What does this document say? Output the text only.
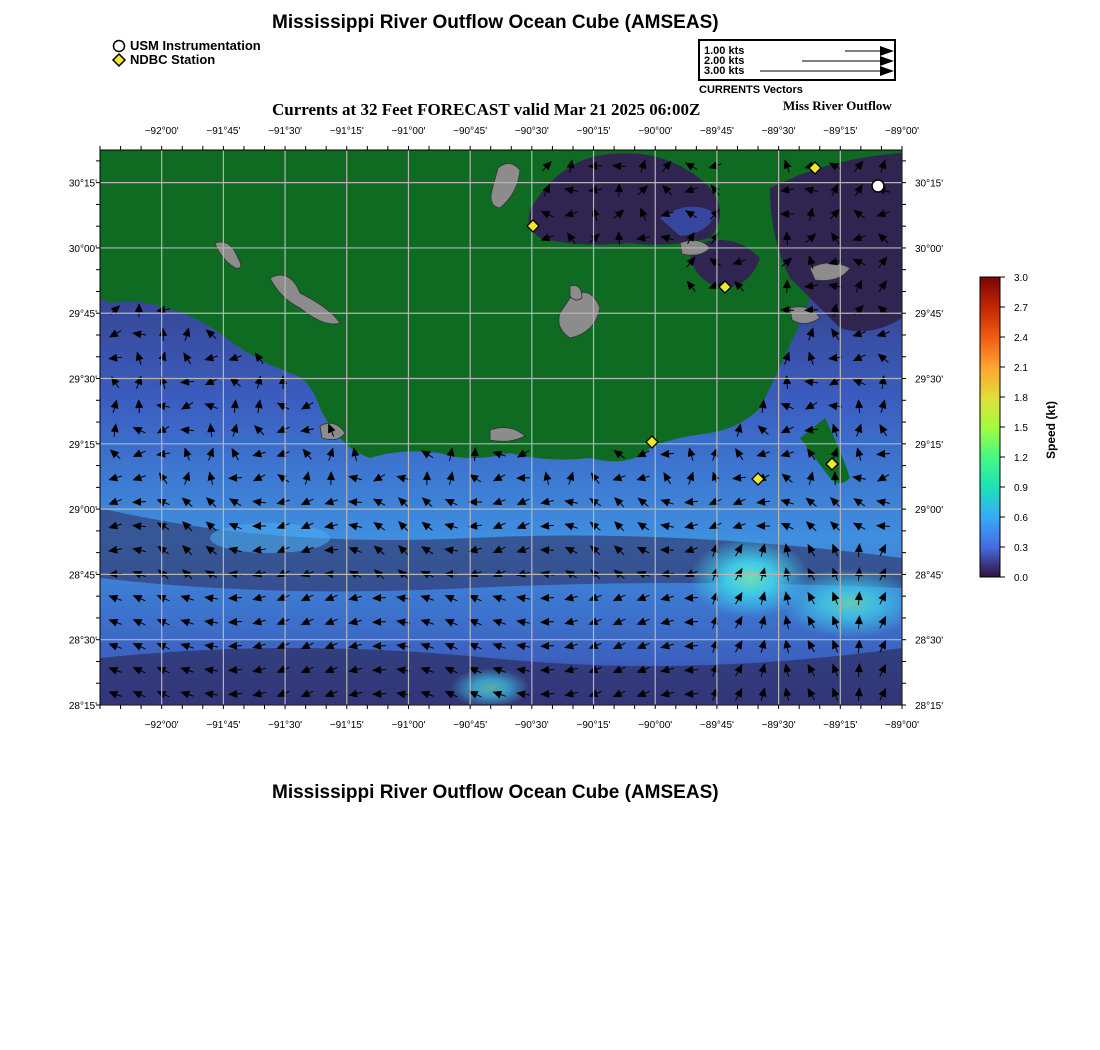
Mississippi River Outflow Ocean Cube (AMSEAS)
USM Instrumentation
NDBC Station
1.00 kts
2.00 kts
3.00 kts
CURRENTS Vectors
Currents at 32 Feet FORECAST valid Mar 21 2025 06:00Z	Miss River Outflow
−92°00'	−91°45'	−91°30'	−91°15'	−91°00'	−90°45'	−90°30'	−90°15'	−90°00'	−89°45'	−89°30'	−89°15'	−89°00'
−92°00'	−91°45'	−91°30'	−91°15'	−91°00'	−90°45'	−90°30'	−90°15'	−90°00'	−89°45'	−89°30'	−89°15'	−89°00'
30°15'
30°00'
29°45'
29°30'
29°15'
29°00'
28°45'
28°30'
28°15'
30°15'
30°00'
29°45'
29°30'
29°15'
29°00'
28°45'
28°30'
28°15'
3.0
2.7
2.4
2.1
1.8
1.5
1.2
0.9
0.6
0.3
0.0
Speed (kt)
Mississippi River Outflow Ocean Cube (AMSEAS)
